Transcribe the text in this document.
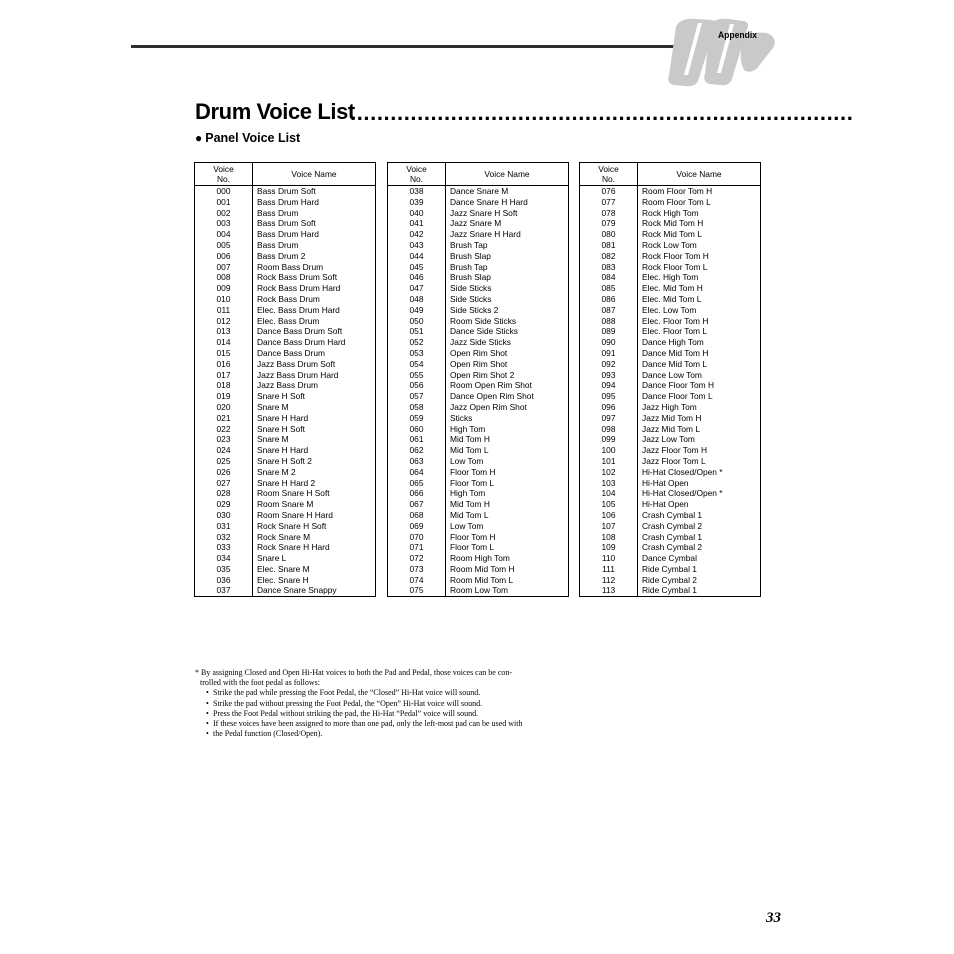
Appendix
Drum Voice List
...........................................................................
● Panel Voice List
Voice
No.	Voice Name
000	Bass Drum Soft
001	Bass Drum Hard
002	Bass Drum
003	Bass Drum Soft
004	Bass Drum Hard
005	Bass Drum
006	Bass Drum 2
007	Room Bass Drum
008	Rock Bass Drum Soft
009	Rock Bass Drum Hard
010	Rock Bass Drum
011	Elec. Bass Drum Hard
012	Elec. Bass Drum
013	Dance Bass Drum Soft
014	Dance Bass Drum Hard
015	Dance Bass Drum
016	Jazz Bass Drum Soft
017	Jazz Bass Drum Hard
018	Jazz Bass Drum
019	Snare H Soft
020	Snare M
021	Snare H Hard
022	Snare H Soft
023	Snare M
024	Snare H Hard
025	Snare H Soft 2
026	Snare M 2
027	Snare H Hard 2
028	Room Snare H Soft
029	Room Snare M
030	Room Snare H Hard
031	Rock Snare H Soft
032	Rock Snare M
033	Rock Snare H Hard
034	Snare L
035	Elec. Snare M
036	Elec. Snare H
037	Dance Snare Snappy
Voice
No.	Voice Name
038	Dance Snare M
039	Dance Snare H Hard
040	Jazz Snare H Soft
041	Jazz Snare M
042	Jazz Snare H Hard
043	Brush Tap
044	Brush Slap
045	Brush Tap
046	Brush Slap
047	Side Sticks
048	Side Sticks
049	Side Sticks 2
050	Room Side Sticks
051	Dance Side Sticks
052	Jazz Side Sticks
053	Open Rim Shot
054	Open Rim Shot
055	Open Rim Shot 2
056	Room Open Rim Shot
057	Dance Open Rim Shot
058	Jazz Open Rim Shot
059	Sticks
060	High Tom
061	Mid Tom H
062	Mid Tom L
063	Low Tom
064	Floor Tom H
065	Floor Tom L
066	High Tom
067	Mid Tom H
068	Mid Tom L
069	Low Tom
070	Floor Tom H
071	Floor Tom L
072	Room High Tom
073	Room Mid Tom H
074	Room Mid Tom L
075	Room Low Tom
Voice
No.	Voice Name
076	Room Floor Tom H
077	Room Floor Tom L
078	Rock High Tom
079	Rock Mid Tom H
080	Rock Mid Tom L
081	Rock Low Tom
082	Rock Floor Tom H
083	Rock Floor Tom L
084	Elec. High Tom
085	Elec. Mid Tom H
086	Elec. Mid Tom L
087	Elec. Low Tom
088	Elec. Floor Tom H
089	Elec. Floor Tom L
090	Dance High Tom
091	Dance Mid Tom H
092	Dance Mid Tom L
093	Dance Low Tom
094	Dance Floor Tom H
095	Dance Floor Tom L
096	Jazz High Tom
097	Jazz Mid Tom H
098	Jazz Mid Tom L
099	Jazz Low Tom
100	Jazz Floor Tom H
101	Jazz Floor Tom L
102	Hi-Hat Closed/Open *
103	Hi-Hat Open
104	Hi-Hat Closed/Open *
105	Hi-Hat Open
106	Crash Cymbal 1
107	Crash Cymbal 2
108	Crash Cymbal 1
109	Crash Cymbal 2
110	Dance Cymbal
111	Ride Cymbal 1
112	Ride Cymbal 2
113	Ride Cymbal 1
* By assigning Closed and Open Hi-Hat voices to both the Pad and Pedal, those voices can be con-
trolled with the foot pedal as follows:
• Strike the pad while pressing the Foot Pedal, the “Closed” Hi-Hat voice will sound.
• Strike the pad without pressing the Foot Pedal, the “Open” Hi-Hat voice will sound.
• Press the Foot Pedal without striking the pad, the Hi-Hat “Pedal” voice will sound.
• If these voices have been assigned to more than one pad, only the left-most pad can be used with
• the Pedal function (Closed/Open).
33
